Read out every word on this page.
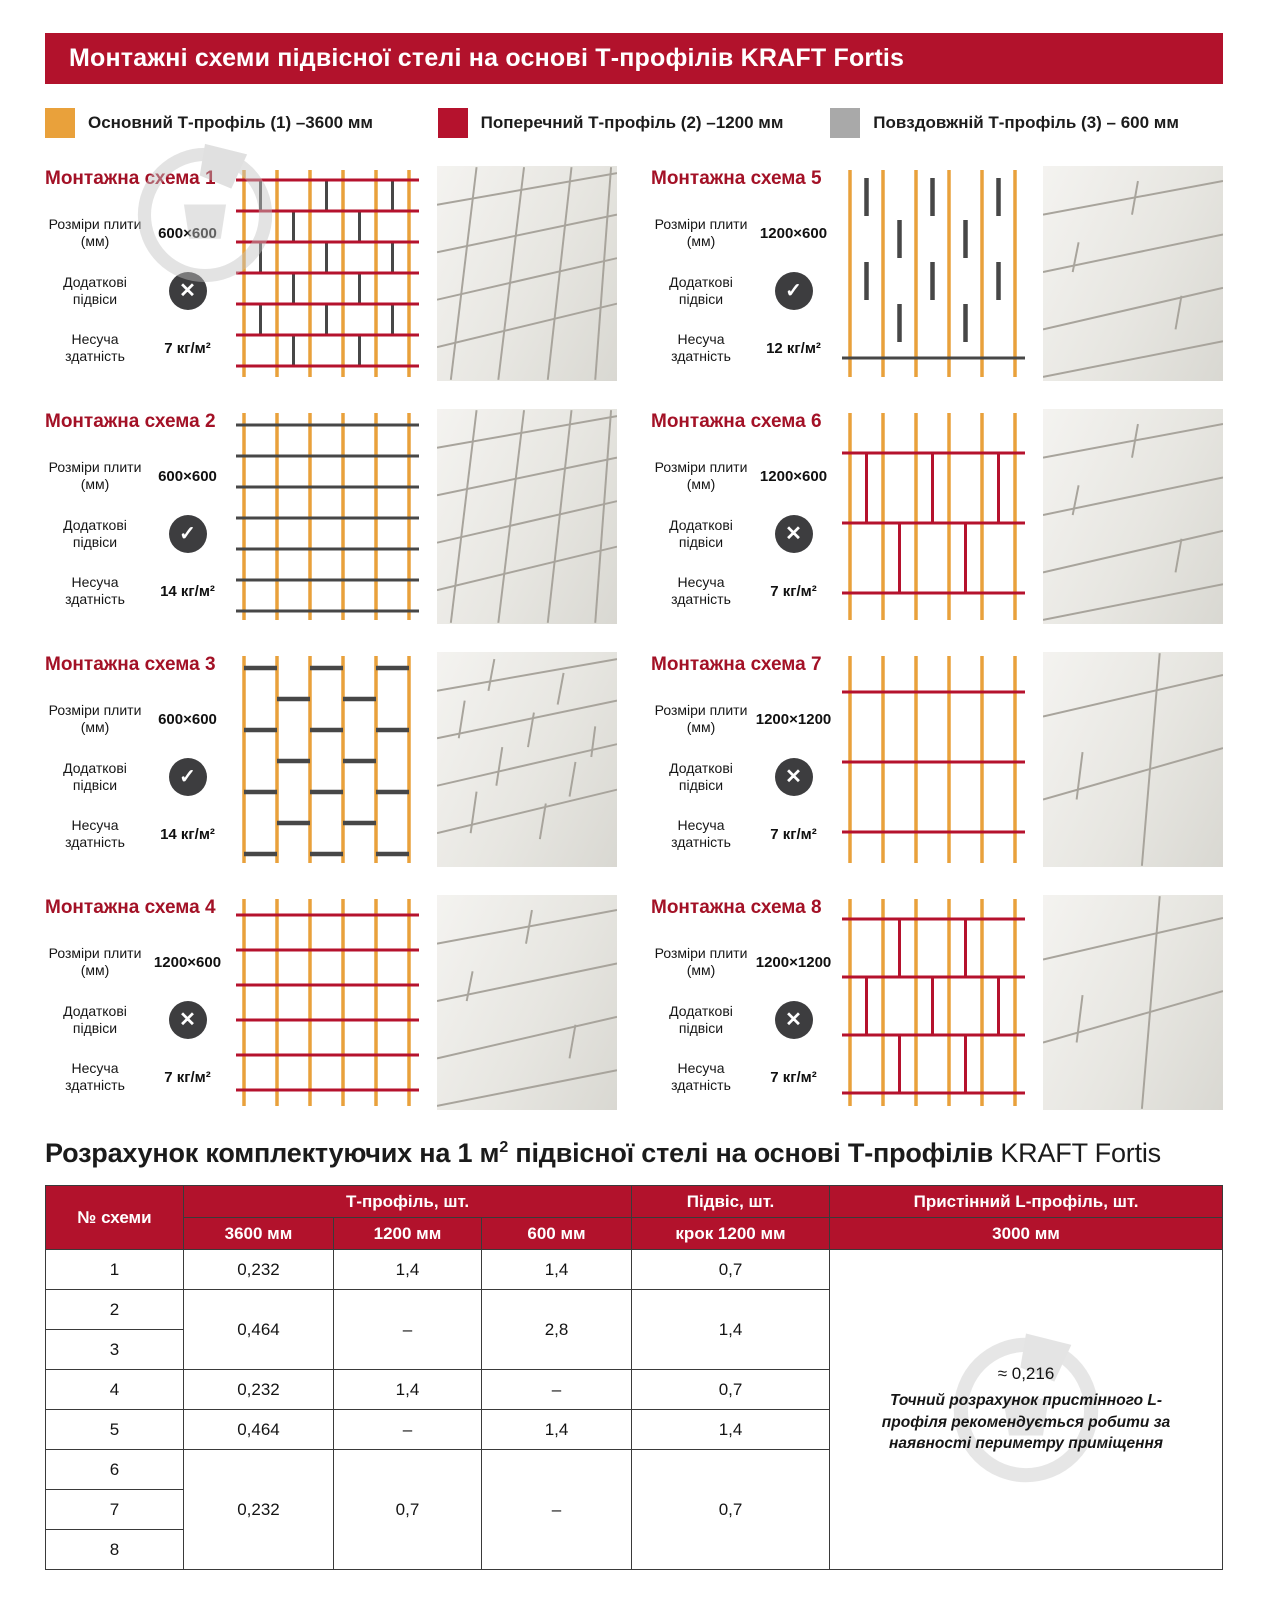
Монтажні схеми підвісної стелі на основі Т-профілів KRAFT Fortis
Основний Т-профіль (1) –3600 мм	Поперечний Т-профіль (2) –1200 мм	Повздовжній Т-профіль (3) – 600 мм
Монтажна схема 1
Розміри плити (мм)	600×600
Додаткові підвіси	✕
Несуча здатність	7 кг/м²
Монтажна схема 5
Розміри плити (мм)	1200×600
Додаткові підвіси	✓
Несуча здатність	12 кг/м²
Монтажна схема 2
Розміри плити (мм)	600×600
Додаткові підвіси	✓
Несуча здатність	14 кг/м²
Монтажна схема 6
Розміри плити (мм)	1200×600
Додаткові підвіси	✕
Несуча здатність	7 кг/м²
Монтажна схема 3
Розміри плити (мм)	600×600
Додаткові підвіси	✓
Несуча здатність	14 кг/м²
Монтажна схема 7
Розміри плити (мм)	1200×1200
Додаткові підвіси	✕
Несуча здатність	7 кг/м²
Монтажна схема 4
Розміри плити (мм)	1200×600
Додаткові підвіси	✕
Несуча здатність	7 кг/м²
Монтажна схема 8
Розміри плити (мм)	1200×1200
Додаткові підвіси	✕
Несуча здатність	7 кг/м²
Розрахунок комплектуючих на 1 $м^2$ підвісної стелі на основі Т-профілів KRAFT Fortis
№ схеми	Т-профіль, шт.			Підвіс, шт.	Пристінний L-профіль, шт.
	3600 мм	1200 мм	600 мм	крок 1200 мм	3000 мм
1	0,232	1,4	1,4	0,7	≈ 0,216
Точний розрахунок пристінного L-профіля рекомендується робити за наявності периметру приміщення

2	0,464	–	2,8	1,4	
3					
4	0,232	1,4	–	0,7	
5	0,464	–	1,4	1,4	
6	0,232	0,7	–	0,7	
7					
8					
